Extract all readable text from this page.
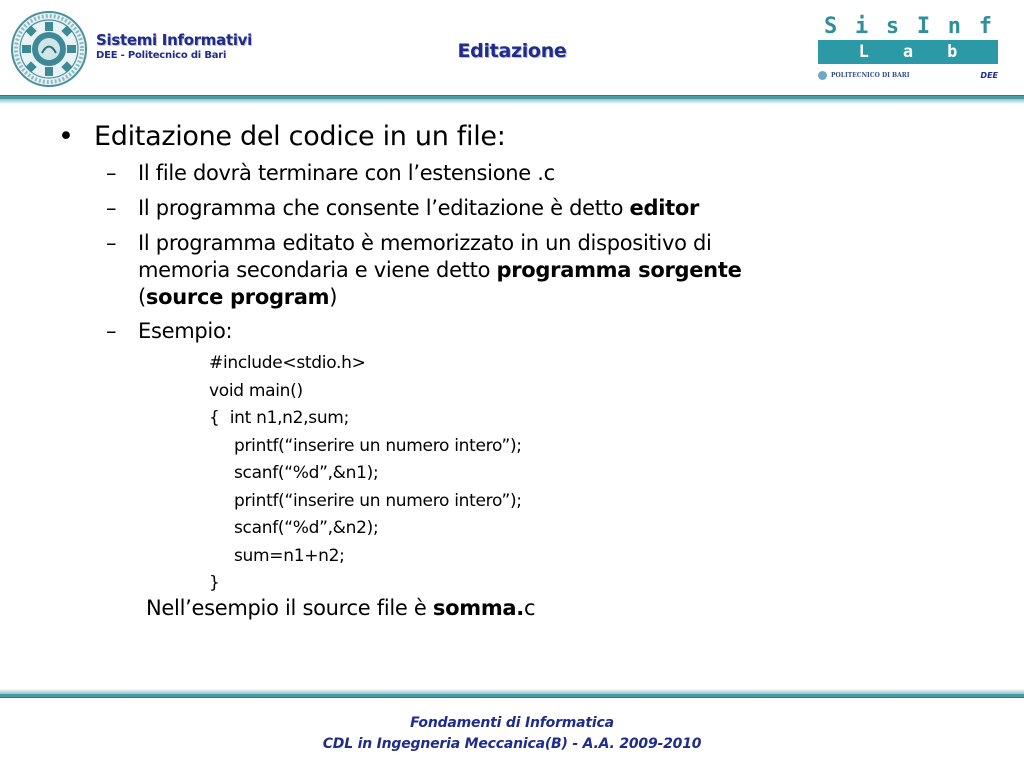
Sistemi Informativi
DEE - Politecnico di Bari	Editazione
S i s I n f
L a b
POLITECNICO DI BARI	DEE
• Editazione del codice in un file:
– Il file dovrà terminare con l’estensione .c
– Il programma che consente l’editazione è detto editor
– Il programma editato è memorizzato in un dispositivo di
memoria secondaria e viene detto programma sorgente
(source program)
– Esempio:
#include<stdio.h>
void main()
{  int n1,n2,sum;
printf(“inserire un numero intero”);
scanf(“%d”,&n1);
printf(“inserire un numero intero”);
scanf(“%d”,&n2);
sum=n1+n2;
}
Nell’esempio il source file è somma.c
Fondamenti di Informatica
CDL in Ingegneria Meccanica(B) - A.A. 2009-2010
